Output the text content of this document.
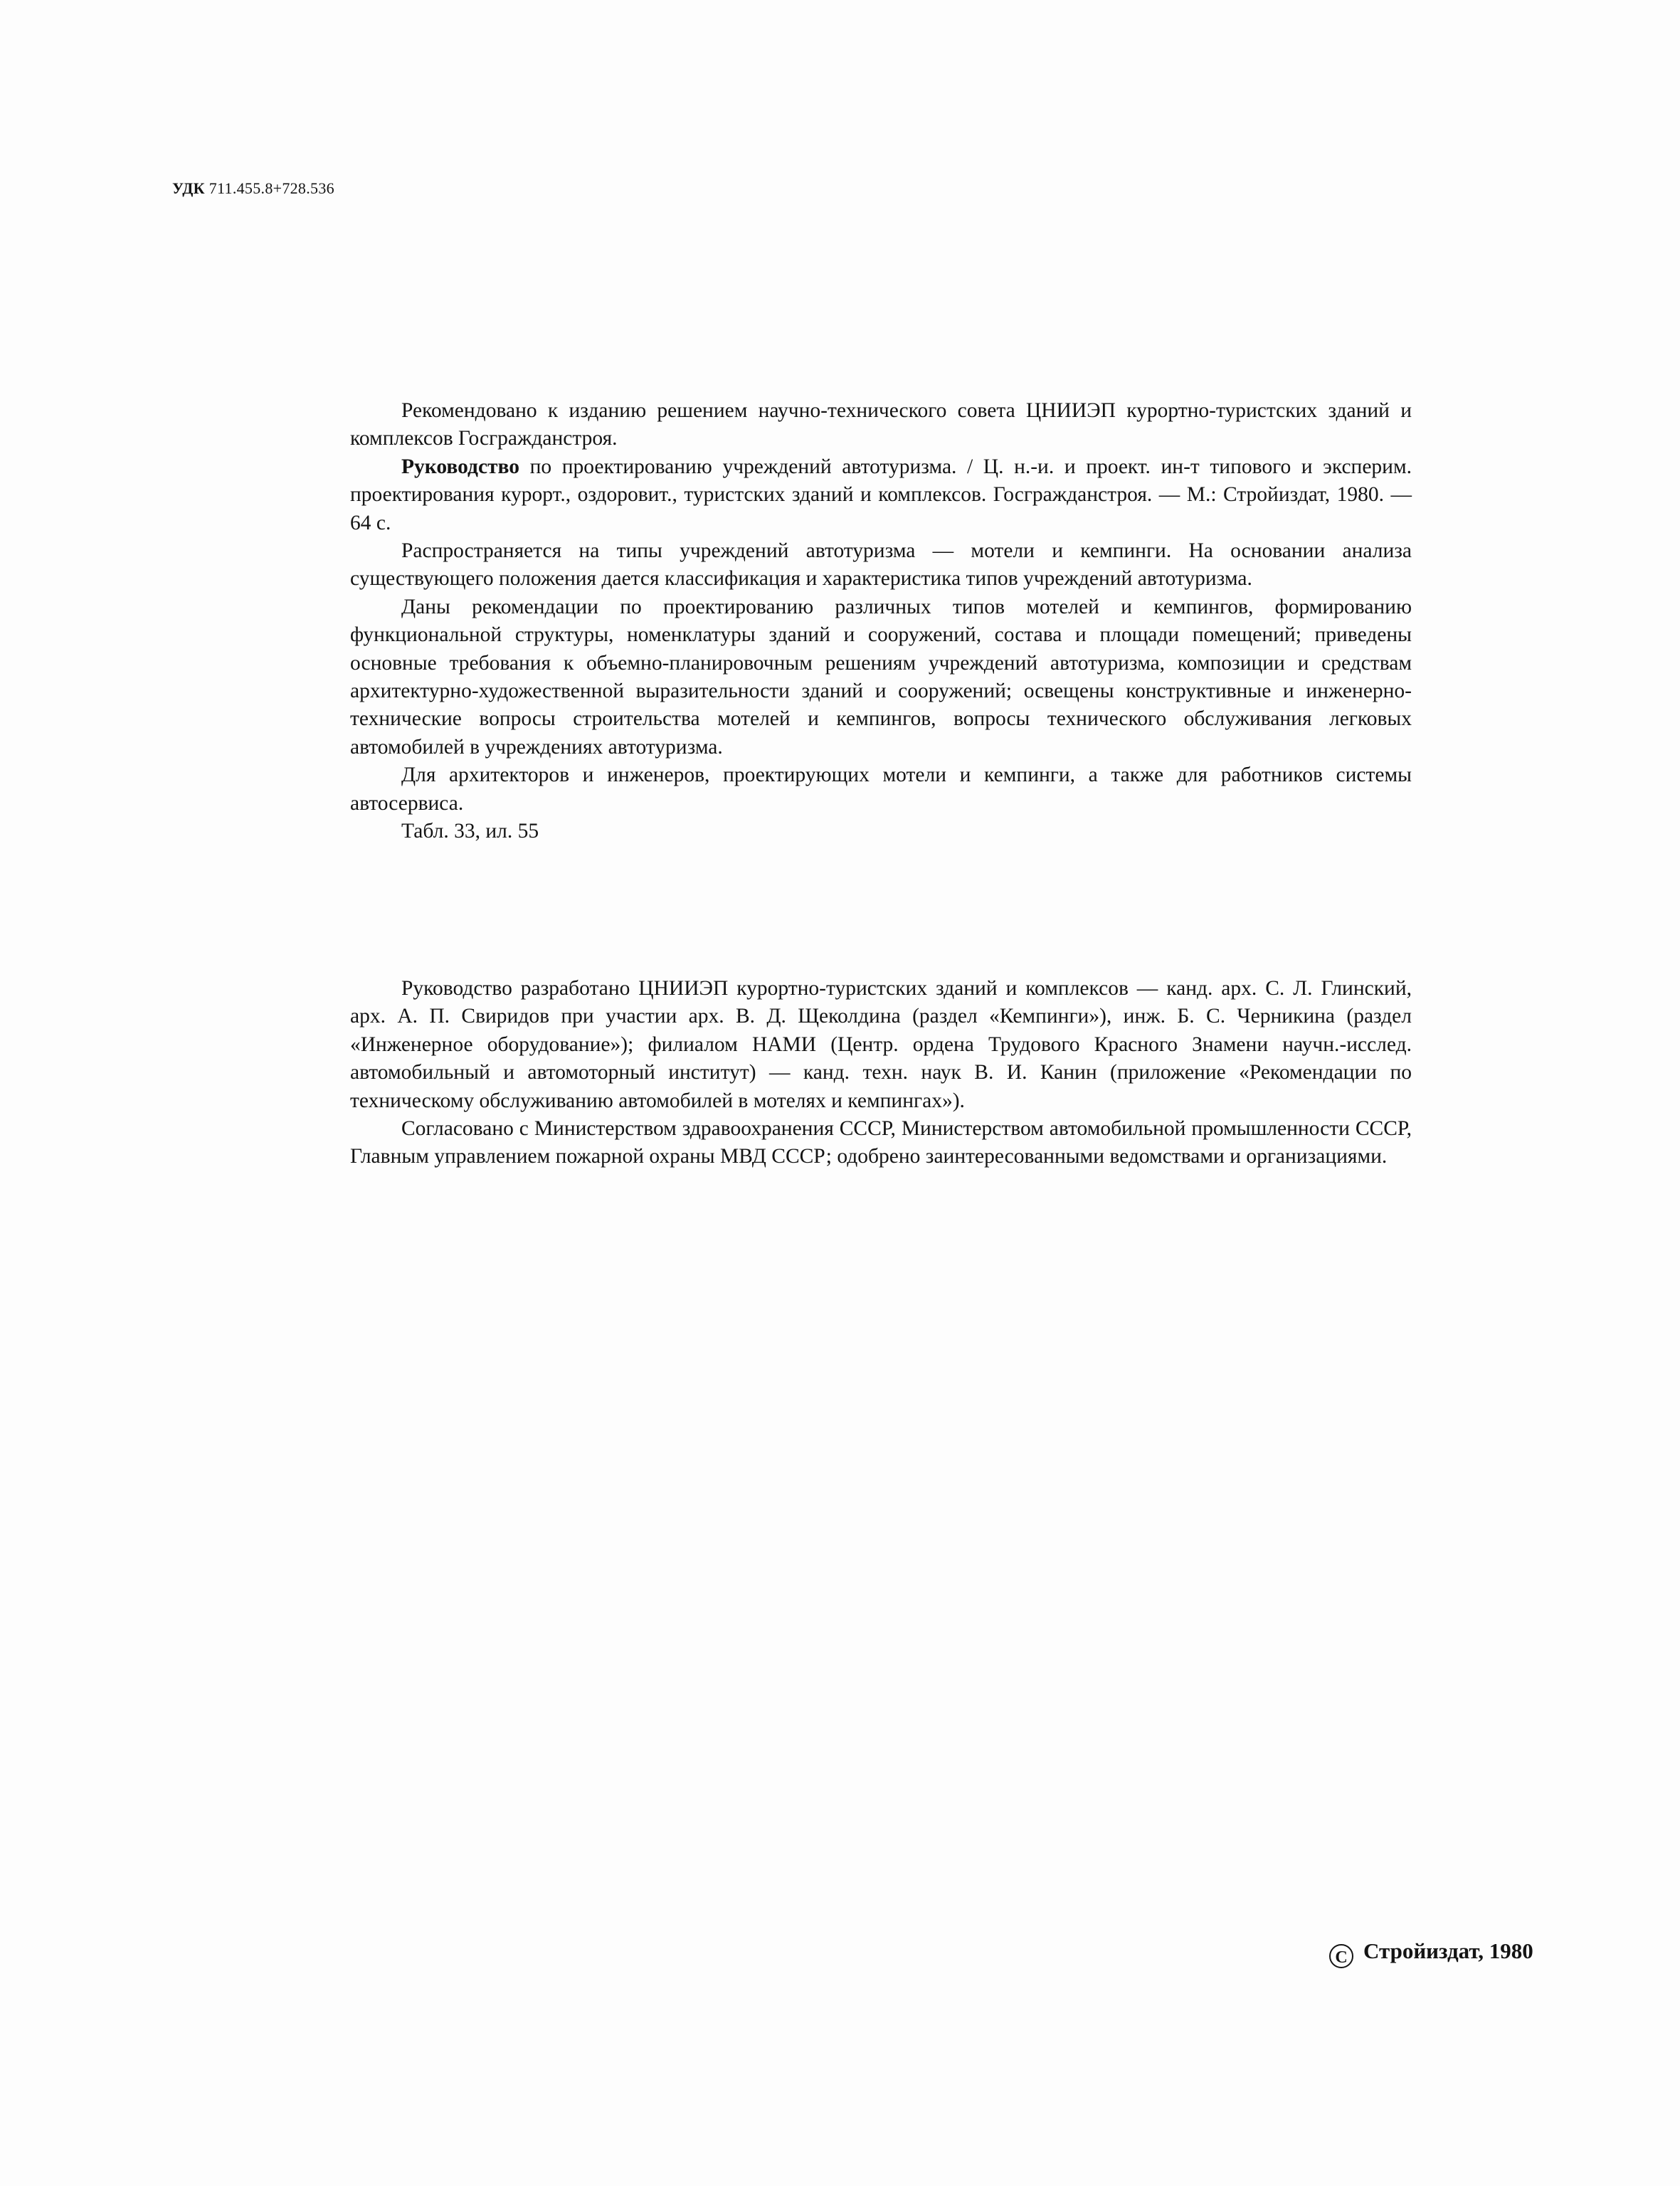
УДК 711.455.8+728.536

Рекомендовано к изданию решением научно-технического совета ЦНИИЭП курортно-туристских зданий и комплексов Госгражданстроя.

Руководство по проектированию учреждений автотуризма. / Ц. н.-и. и проект. ин-т типового и эксперим. проектирования курорт., оздоровит., туристских зданий и комплексов. Госгражданстроя. — М.: Стройиздат, 1980. — 64 с.

Распространяется на типы учреждений автотуризма — мотели и кемпинги. На основании анализа существующего положения дается классификация и характеристика типов учреждений автотуризма.

Даны рекомендации по проектированию различных типов мотелей и кемпингов, формированию функциональной структуры, номенклатуры зданий и сооружений, состава и площади помещений; приведены основные требования к объемно-планировочным решениям учреждений автотуризма, композиции и средствам архитектурно-художественной выразительности зданий и сооружений; освещены конструктивные и инженерно-технические вопросы строительства мотелей и кемпингов, вопросы технического обслуживания легковых автомобилей в учреждениях автотуризма.

Для архитекторов и инженеров, проектирующих мотели и кемпинги, а также для работников системы автосервиса.

Табл. 33, ил. 55

Руководство разработано ЦНИИЭП курортно-туристских зданий и комплексов — канд. арх. С. Л. Глинский, арх. А. П. Свиридов при участии арх. В. Д. Щеколдина (раздел «Кемпинги»), инж. Б. С. Черникина (раздел «Инженерное оборудование»); филиалом НАМИ (Центр. ордена Трудового Красного Знамени научн.-исслед. автомобильный и автомоторный институт) — канд. техн. наук В. И. Канин (приложение «Рекомендации по техническому обслуживанию автомобилей в мотелях и кемпингах»).

Согласовано с Министерством здравоохранения СССР, Министерством автомобильной промышленности СССР, Главным управлением пожарной охраны МВД СССР; одобрено заинтересованными ведомствами и организациями.

С Стройиздат, 1980
